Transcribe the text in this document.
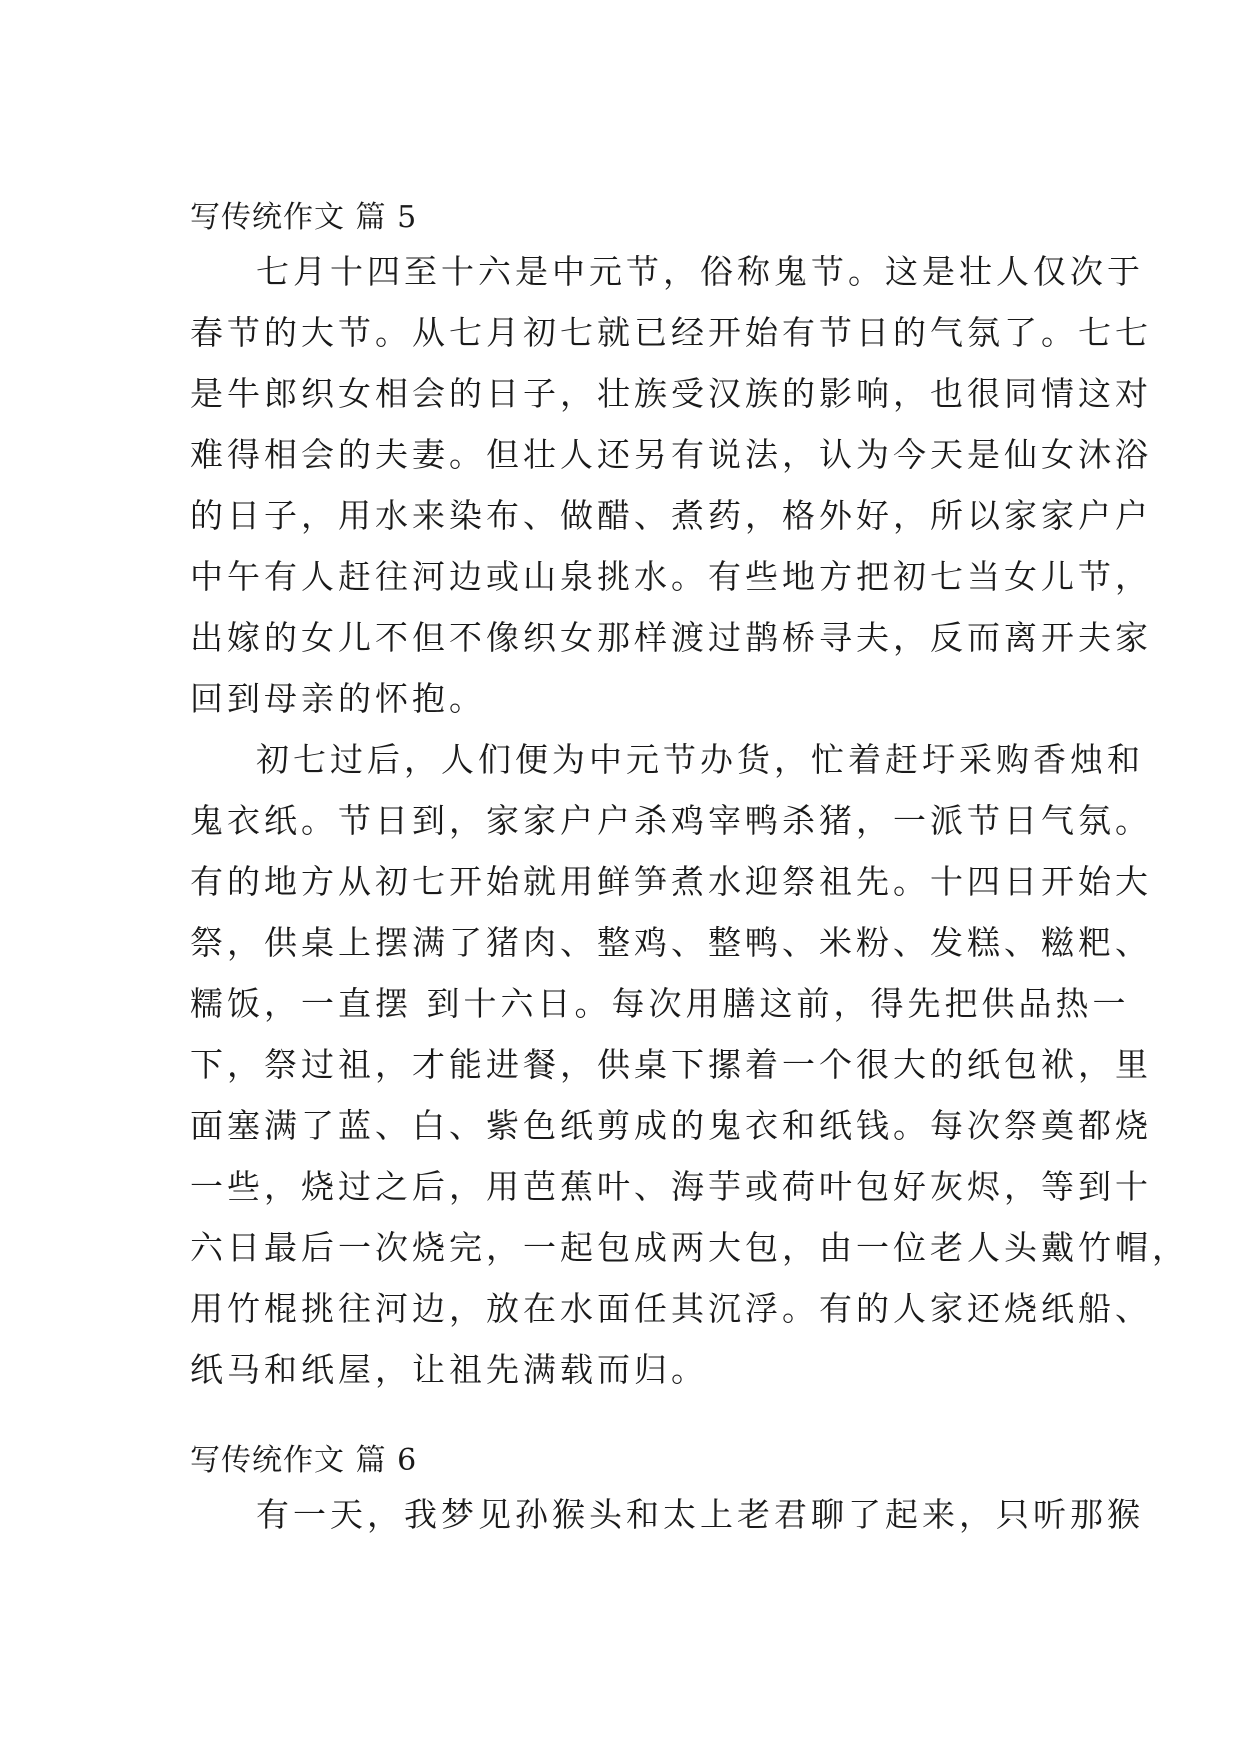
写传统作文 篇 5
七月十四至十六是中元节，俗称鬼节。这是壮人仅次于
春节的大节。从七月初七就已经开始有节日的气氛了。七七
是牛郎织女相会的日子，壮族受汉族的影响，也很同情这对
难得相会的夫妻。但壮人还另有说法，认为今天是仙女沐浴
的日子，用水来染布、做醋、煮药，格外好，所以家家户户
中午有人赶往河边或山泉挑水。有些地方把初七当女儿节，
出嫁的女儿不但不像织女那样渡过鹊桥寻夫，反而离开夫家
回到母亲的怀抱。
初七过后，人们便为中元节办货，忙着赶圩采购香烛和
鬼衣纸。节日到，家家户户杀鸡宰鸭杀猪，一派节日气氛。
有的地方从初七开始就用鲜笋煮水迎祭祖先。十四日开始大
祭，供桌上摆满了猪肉、整鸡、整鸭、米粉、发糕、糍粑、
糯饭，一直摆 到十六日。每次用膳这前，得先把供品热一
下，祭过祖，才能进餐，供桌下摞着一个很大的纸包袱，里
面塞满了蓝、白、紫色纸剪成的鬼衣和纸钱。每次祭奠都烧
一些，烧过之后，用芭蕉叶、海芋或荷叶包好灰烬，等到十
六日最后一次烧完，一起包成两大包，由一位老人头戴竹帽，
用竹棍挑往河边，放在水面任其沉浮。有的人家还烧纸船、
纸马和纸屋，让祖先满载而归。
写传统作文 篇 6
有一天，我梦见孙猴头和太上老君聊了起来，只听那猴
